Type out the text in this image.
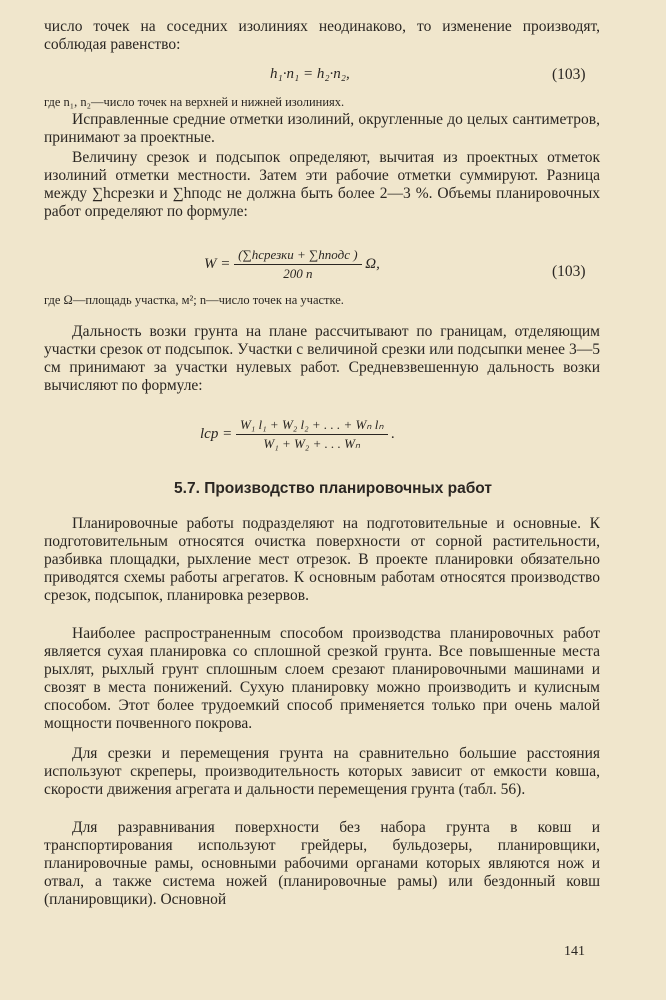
число точек на соседних изолиниях неодинаково, то изменение производят, соблюдая равенство:

h₁·n₁ = h₂·n₂,	(103)

где n₁, n₂—число точек на верхней и нижней изолиниях.

Исправленные средние отметки изолиний, округленные до целых сантиметров, принимают за проектные.

Величину срезок и подсыпок определяют, вычитая из проектных отметок изолиний отметки местности. Затем эти рабочие отметки суммируют. Разница между ∑hсрезки и ∑hподс не должна быть более 2—3 %. Объемы планировочных работ определяют по формуле:

$W = \frac{\text{(∑hсрезки + ∑hподс )}}{200 n} \Omega$,	(103)

где Ω—площадь участка, м²; n—число точек на участке.

Дальность возки грунта на плане рассчитывают по границам, отделяющим участки срезок от подсыпок. Участки с величиной срезки или подсыпки менее 3—5 см принимают за участки нулевых работ. Средневзвешенную дальность возки вычисляют по формуле:

lср = $\frac{\text{W₁ l₁ + W₂ l₂ + . . . + Wₙ lₙ}}{\text{W₁ + W₂ + . . . Wₙ}}$ .
5.7. Производство планировочных работ

Планировочные работы подразделяют на подготовительные и основные. К подготовительным относятся очистка поверхности от сорной растительности, разбивка площадки, рыхление мест отрезок. В проекте планировки обязательно приводятся схемы работы агрегатов. К основным работам относятся производство срезок, подсыпок, планировка резервов.

Наиболее распространенным способом производства планировочных работ является сухая планировка со сплошной срезкой грунта. Все повышенные места рыхлят, рыхлый грунт сплошным слоем срезают планировочными машинами и свозят в места понижений. Сухую планировку можно производить и кулисным способом. Этот более трудоемкий способ применяется только при очень малой мощности почвенного покрова.

Для срезки и перемещения грунта на сравнительно большие расстояния используют скреперы, производительность которых зависит от емкости ковша, скорости движения агрегата и дальности перемещения грунта (табл. 56).

Для разравнивания поверхности без набора грунта в ковш и транспортирования используют грейдеры, бульдозеры, планировщики, планировочные рамы, основными рабочими органами которых являются нож и отвал, а также система ножей (планировочные рамы) или бездонный ковш (планировщики). Основной

141
